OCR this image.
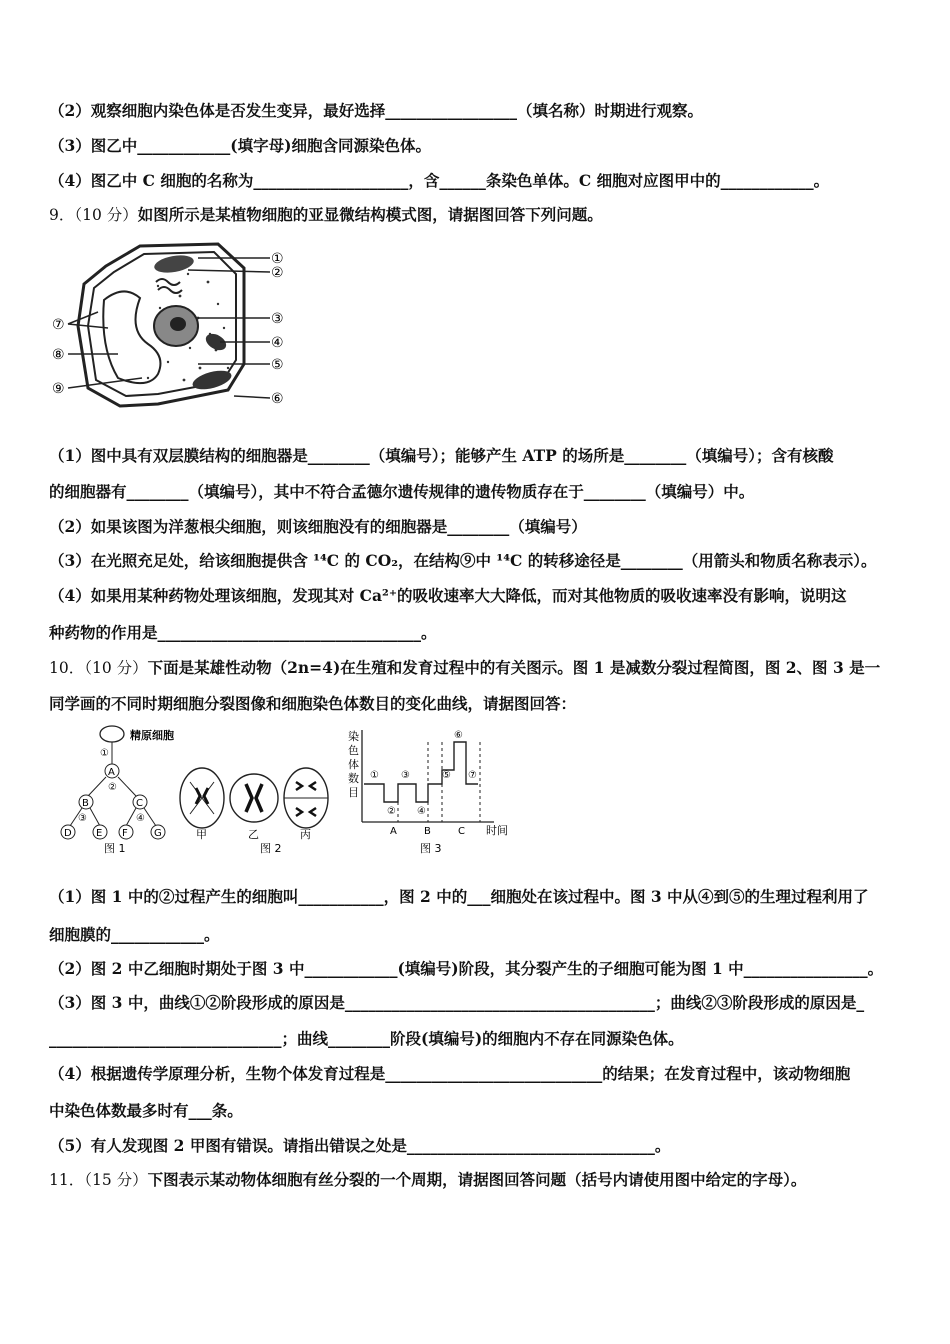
（2）观察细胞内染色体是否发生变异，最好选择_________________（填名称）时期进行观察。
（3）图乙中____________(填字母)细胞含同源染色体。
（4）图乙中 C 细胞的名称为____________________，含______条染色单体。C 细胞对应图甲中的____________。
9．（10 分）如图所示是某植物细胞的亚显微结构模式图，请据图回答下列问题。
①
②
③
④
⑤
⑥
⑦
⑧
⑨
（1）图中具有双层膜结构的细胞器是________（填编号）；能够产生 ATP 的场所是________（填编号）；含有核酸
的细胞器有________（填编号），其中不符合孟德尔遗传规律的遗传物质存在于________（填编号）中。
（2）如果该图为洋葱根尖细胞，则该细胞没有的细胞器是________（填编号）
（3）在光照充足处，给该细胞提供含 ¹⁴C 的 CO₂，在结构⑨中 ¹⁴C 的转移途径是________（用箭头和物质名称表示）。
（4）如果用某种药物处理该细胞，发现其对 Ca²⁺的吸收速率大大降低，而对其他物质的吸收速率没有影响，说明这
种药物的作用是__________________________________。
10．（10 分）下面是某雄性动物（2n=4)在生殖和发育过程中的有关图示。图 1 是减数分裂过程简图，图 2、图 3 是一
同学画的不同时期细胞分裂图像和细胞染色体数目的变化曲线，请据图回答：
精原细胞
①
A
②
B	C
③	④
D E F	G
图 1
甲	乙	丙
图 2
染
色
体
数
目
①
②
③
④
⑤
⑥
⑦
A	B	C 时间
图 3
（1）图 1 中的②过程产生的细胞叫___________，图 2 中的___细胞处在该过程中。图 3 中从④到⑤的生理过程利用了
细胞膜的____________。
（2）图 2 中乙细胞时期处于图 3 中____________(填编号)阶段，其分裂产生的子细胞可能为图 1 中________________。
（3）图 3 中，曲线①②阶段形成的原因是________________________________________；曲线②③阶段形成的原因是_
______________________________；曲线________阶段(填编号)的细胞内不存在同源染色体。
（4）根据遗传学原理分析，生物个体发育过程是____________________________的结果；在发育过程中，该动物细胞
中染色体数最多时有___条。
（5）有人发现图 2 甲图有错误。请指出错误之处是________________________________。
11．（15 分）下图表示某动物体细胞有丝分裂的一个周期，请据图回答问题（括号内请使用图中给定的字母）。
